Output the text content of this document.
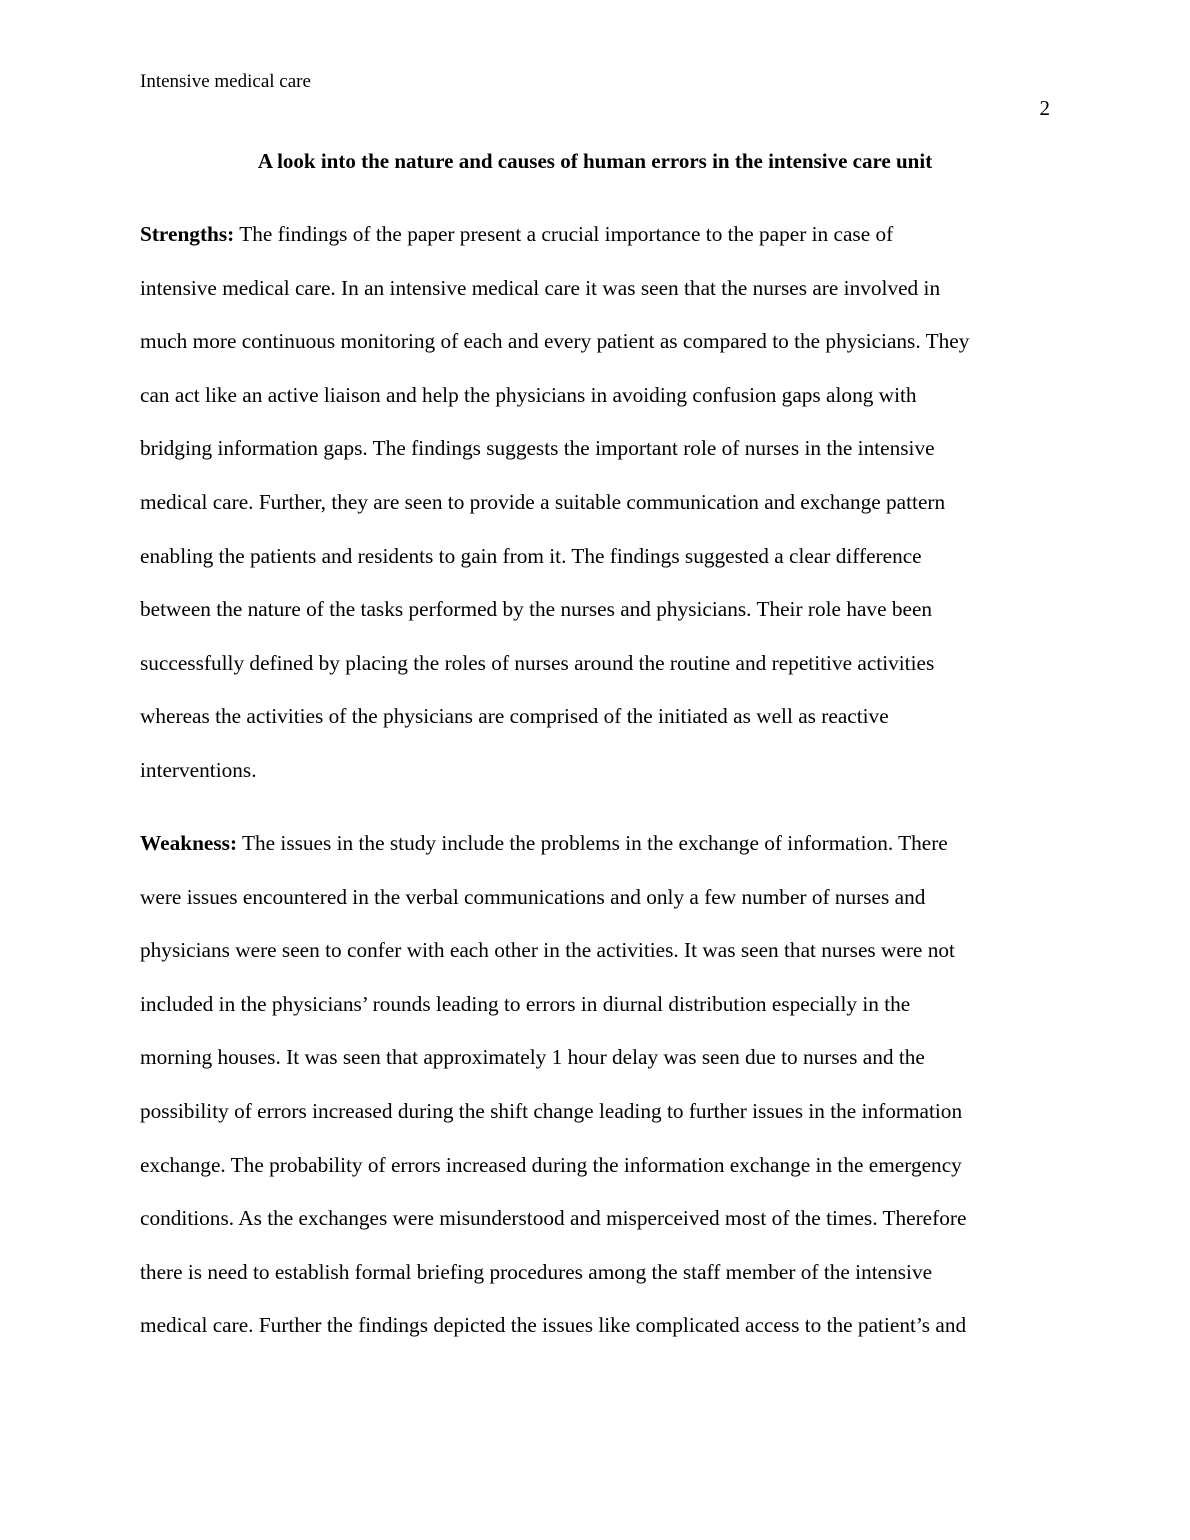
Intensive medical care
2
A look into the nature and causes of human errors in the intensive care unit

Strengths: The findings of the paper present a crucial importance to the paper in case of
intensive medical care. In an intensive medical care it was seen that the nurses are involved in
much more continuous monitoring of each and every patient as compared to the physicians. They
can act like an active liaison and help the physicians in avoiding confusion gaps along with
bridging information gaps. The findings suggests the important role of nurses in the intensive
medical care. Further, they are seen to provide a suitable communication and exchange pattern
enabling the patients and residents to gain from it. The findings suggested a clear difference
between the nature of the tasks performed by the nurses and physicians. Their role have been
successfully defined by placing the roles of nurses around the routine and repetitive activities
whereas the activities of the physicians are comprised of the initiated as well as reactive
interventions.

Weakness: The issues in the study include the problems in the exchange of information. There
were issues encountered in the verbal communications and only a few number of nurses and
physicians were seen to confer with each other in the activities. It was seen that nurses were not
included in the physicians’ rounds leading to errors in diurnal distribution especially in the
morning houses. It was seen that approximately 1 hour delay was seen due to nurses and the
possibility of errors increased during the shift change leading to further issues in the information
exchange. The probability of errors increased during the information exchange in the emergency
conditions. As the exchanges were misunderstood and misperceived most of the times. Therefore
there is need to establish formal briefing procedures among the staff member of the intensive
medical care. Further the findings depicted the issues like complicated access to the patient’s and
